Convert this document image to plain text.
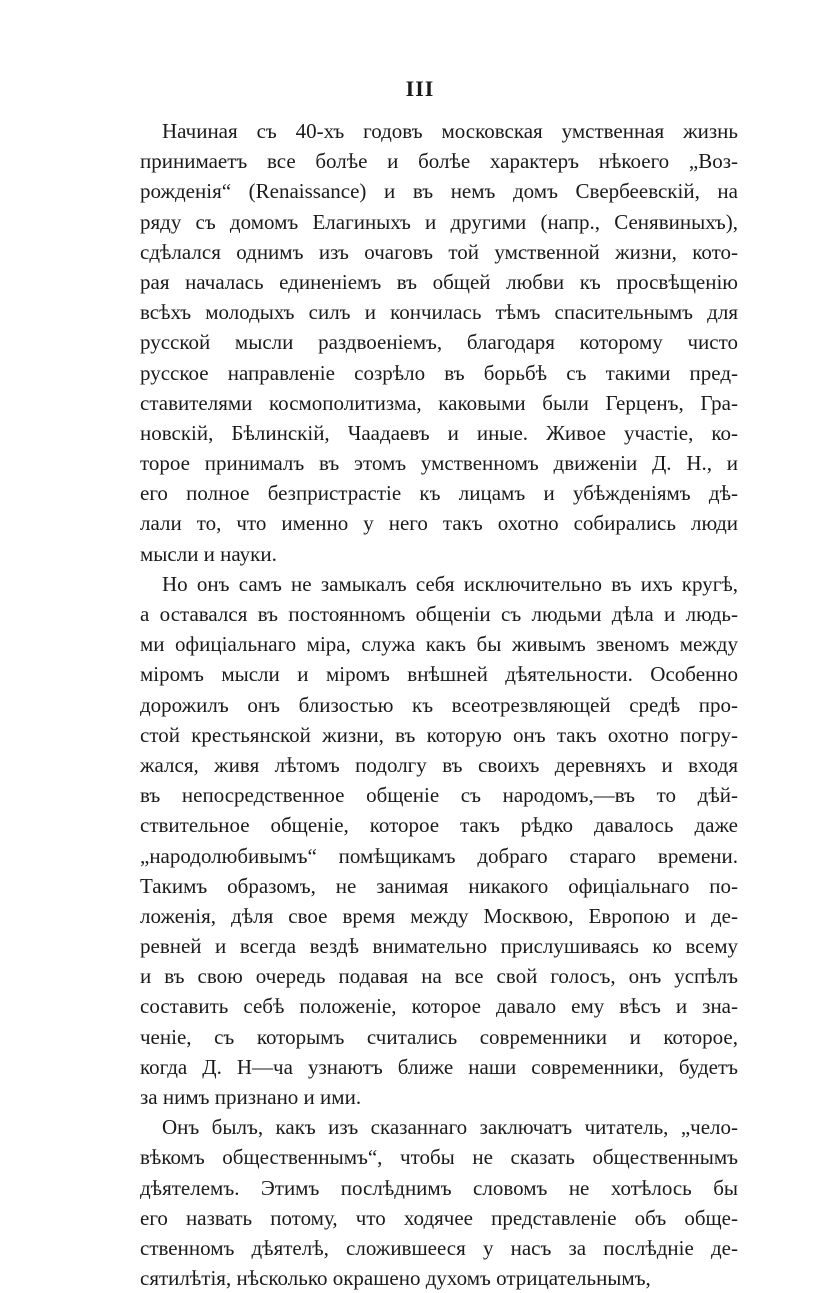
III
Начиная съ 40-хъ годовъ московская умственная жизнь
принимаетъ все болѣе и болѣе характеръ нѣкоего „Воз-
рожденія“ (Renaissance) и въ немъ домъ Свербеевскій, на
ряду съ домомъ Елагиныхъ и другими (напр., Сенявиныхъ),
сдѣлался однимъ изъ очаговъ той умственной жизни, кото-
рая началась единеніемъ въ общей любви къ просвѣщенію
всѣхъ молодыхъ силъ и кончилась тѣмъ спасительнымъ для
русской мысли раздвоеніемъ, благодаря которому чисто
русское направленіе созрѣло въ борьбѣ съ такими пред-
ставителями космополитизма, каковыми были Герценъ, Гра-
новскій, Бѣлинскій, Чаадаевъ и иные. Живое участіе, ко-
торое принималъ въ этомъ умственномъ движеніи Д. Н., и
его полное безпристрастіе къ лицамъ и убѣжденіямъ дѣ-
лали то, что именно у него такъ охотно собирались люди
мысли и науки.
Но онъ самъ не замыкалъ себя исключительно въ ихъ кругѣ,
а оставался въ постоянномъ общеніи съ людьми дѣла и людь-
ми офиціальнаго міра, служа какъ бы живымъ звеномъ между
міромъ мысли и міромъ внѣшней дѣятельности. Особенно
дорожилъ онъ близостью къ всеотрезвляющей средѣ про-
стой крестьянской жизни, въ которую онъ такъ охотно погру-
жался, живя лѣтомъ подолгу въ своихъ деревняхъ и входя
въ непосредственное общеніе съ народомъ,—въ то дѣй-
ствительное общеніе, которое такъ рѣдко давалось даже
„народолюбивымъ“ помѣщикамъ добраго стараго времени.
Такимъ образомъ, не занимая никакого офиціальнаго по-
ложенія, дѣля свое время между Москвою, Европою и де-
ревней и всегда вездѣ внимательно прислушиваясь ко всему
и въ свою очередь подавая на все свой голосъ, онъ успѣлъ
составить себѣ положеніе, которое давало ему вѣсъ и зна-
ченіе, съ которымъ считались современники и которое,
когда Д. Н—ча узнаютъ ближе наши современники, будетъ
за нимъ признано и ими.
Онъ былъ, какъ изъ сказаннаго заключатъ читатель, „чело-
вѣкомъ общественнымъ“, чтобы не сказать общественнымъ
дѣятелемъ. Этимъ послѣднимъ словомъ не хотѣлось бы
его назвать потому, что ходячее представленіе объ обще-
ственномъ дѣятелѣ, сложившееся у насъ за послѣдніе де-
сятилѣтія, нѣсколько окрашено духомъ отрицательнымъ,
